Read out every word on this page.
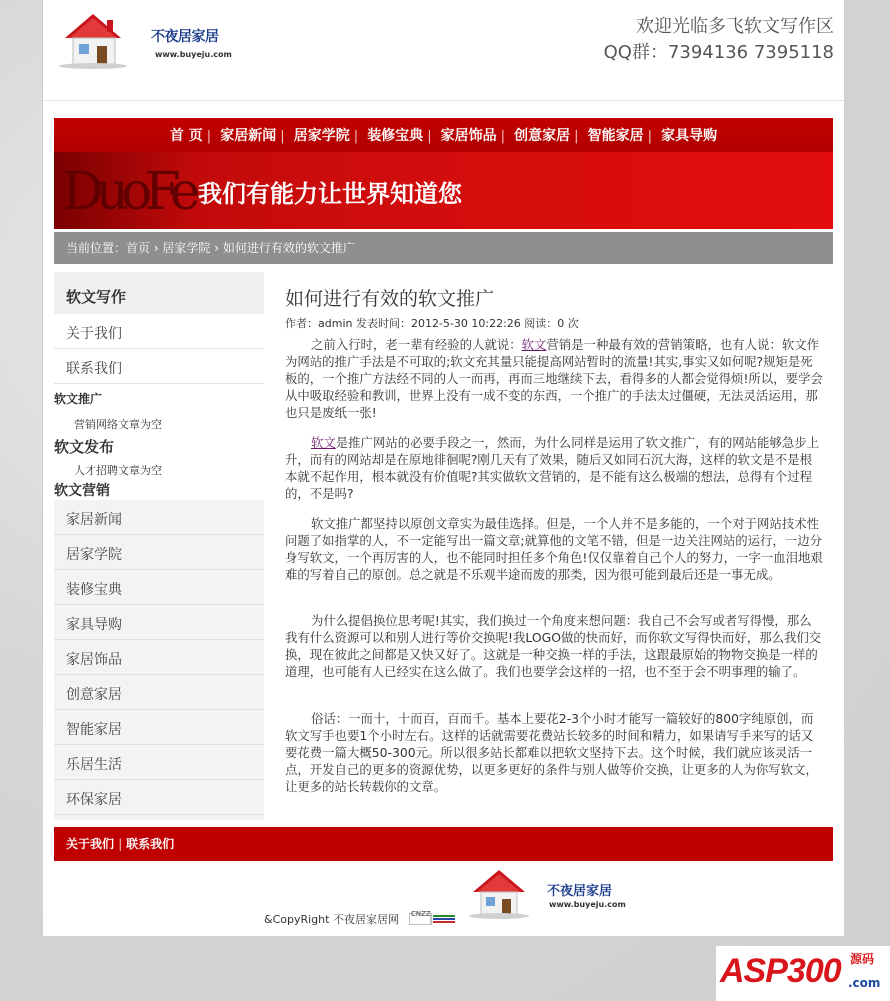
不夜居家居
www.buyeju.com
欢迎光临多飞软文写作区
QQ群：7394136 7395118
首 页 | 家居新闻 | 居家学院 | 装修宝典 | 家居饰品 | 创意家居 | 智能家居 | 家具导购
DuoFe 我们有能力让世界知道您
当前位置：首页 › 居家学院 › 如何进行有效的软文推广
软文写作
关于我们
联系我们
软文推广
营销网络文章为空
软文发布
人才招聘文章为空
软文营销
家居新闻
居家学院
装修宝典
家具导购
家居饰品
创意家居
智能家居
乐居生活
环保家居
如何进行有效的软文推广
作者：admin 发表时间：2012-5-30 10:22:26 阅读：0 次
之前入行时，老一辈有经验的人就说：软文营销是一种最有效的营销策略，也有人说：软文作为网站的推广手法是不可取的;软文充其量只能提高网站暂时的流量!其实,事实又如何呢?规矩是死板的，一个推广方法经不同的人一而再，再而三地继续下去，看得多的人都会觉得烦!所以，要学会从中吸取经验和教训，世界上没有一成不变的东西，一个推广的手法太过僵硬，无法灵活运用，那也只是废纸一张!
软文是推广网站的必要手段之一，然而，为什么同样是运用了软文推广，有的网站能够急步上升，而有的网站却是在原地徘徊呢?刚几天有了效果，随后又如同石沉大海，这样的软文是不是根本就不起作用，根本就没有价值呢?其实做软文营销的，是不能有这么极端的想法，总得有个过程的，不是吗?
软文推广都坚持以原创文章实为最佳选择。但是，一个人并不是多能的，一个对于网站技术性问题了如指掌的人，不一定能写出一篇文章;就算他的文笔不错，但是一边关注网站的运行，一边分身写软文，一个再厉害的人，也不能同时担任多个角色!仅仅靠着自己个人的努力，一字一血泪地艰难的写着自己的原创。总之就是不乐观半途而废的那类，因为很可能到最后还是一事无成。
为什么提倡换位思考呢!其实，我们换过一个角度来想问题：我自己不会写或者写得慢，那么我有什么资源可以和别人进行等价交换呢!我LOGO做的快而好，而你软文写得快而好，那么我们交换，现在彼此之间都是又快又好了。这就是一种交换一样的手法，这跟最原始的物物交换是一样的道理，也可能有人已经实在这么做了。我们也要学会这样的一招，也不至于会不明事理的输了。
俗话：一而十，十而百，百而千。基本上要花2-3个小时才能写一篇较好的800字纯原创，而软文写手也要1个小时左右。这样的话就需要花费站长较多的时间和精力，如果请写手来写的话又要花费一篇大概50-300元。所以很多站长都难以把软文坚持下去。这个时候，我们就应该灵活一点，开发自己的更多的资源优势，以更多更好的条件与别人做等价交换，让更多的人为你写软文，让更多的站长转载你的文章。
关于我们 | 联系我们
不夜居家居
www.buyeju.com
&CopyRight 不夜居家居网 CNZZ
ASP300 源码
.com
